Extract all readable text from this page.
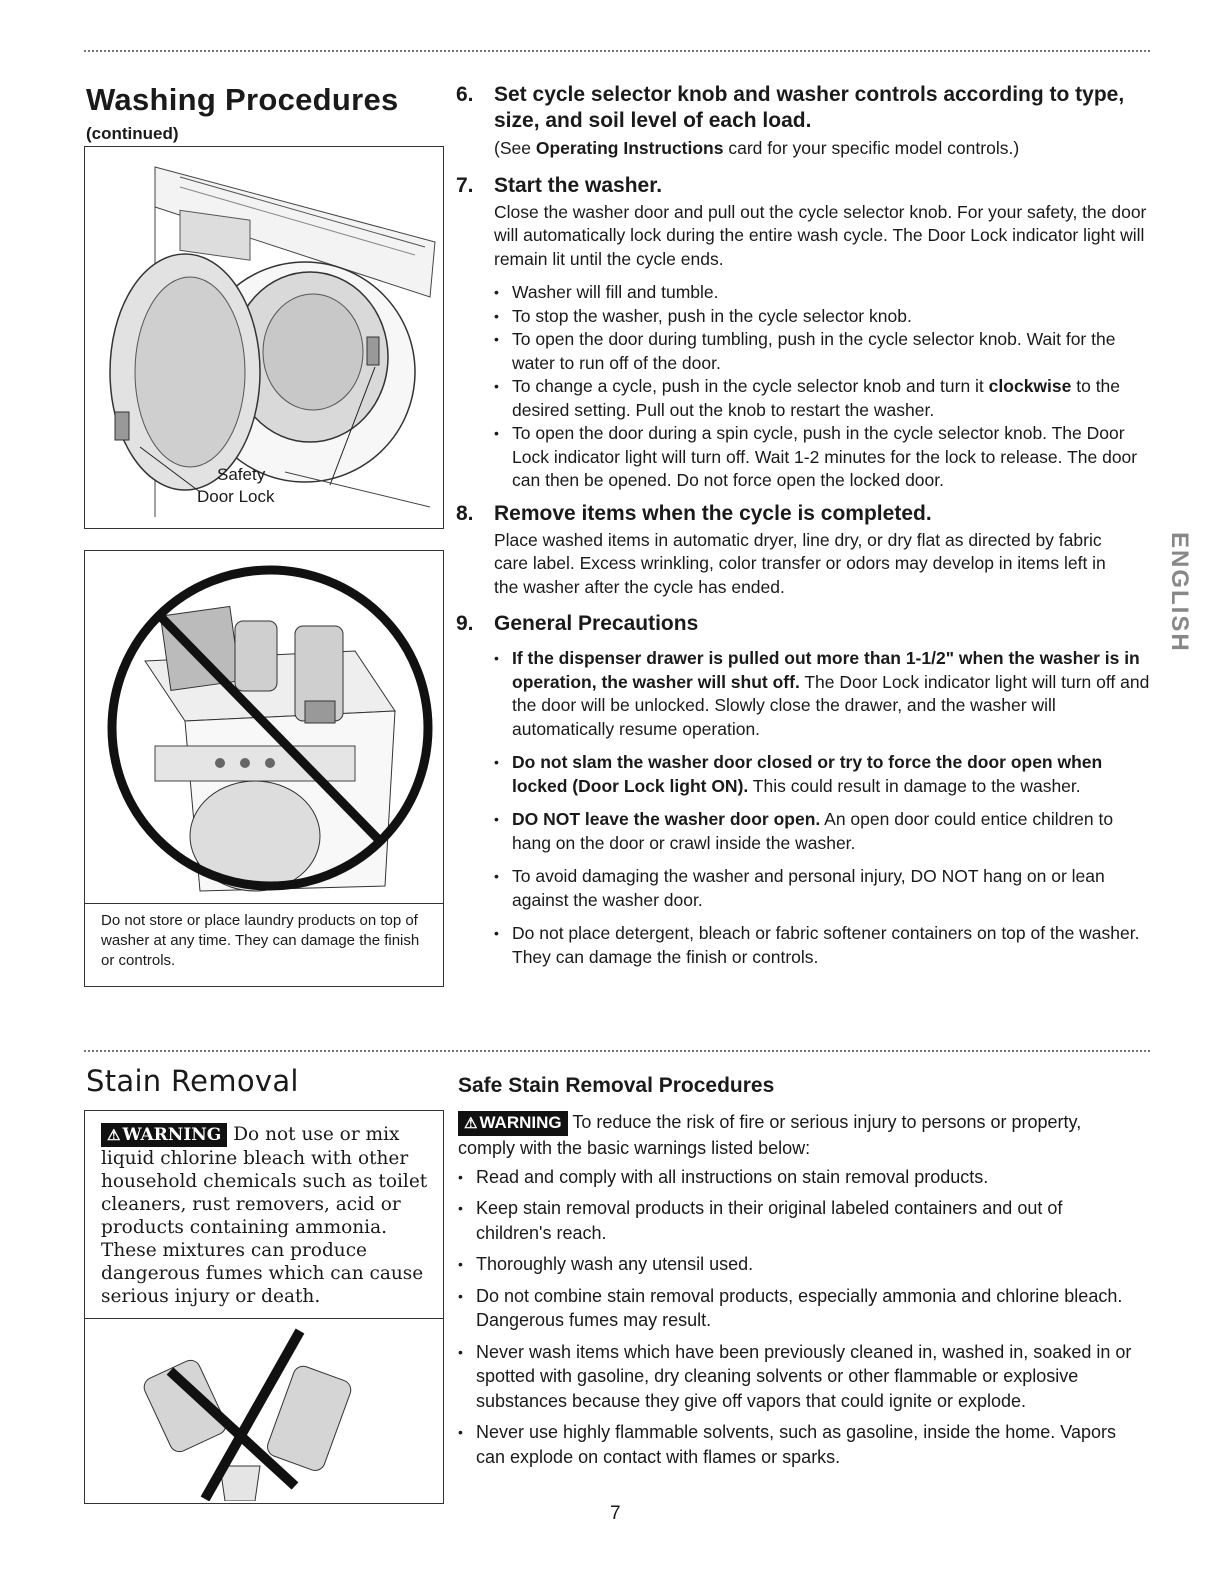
Washing Procedures
(continued)
Safety
Door Lock
Do not store or place laundry products on top of washer at any time. They can damage the finish or controls.
Stain Removal
⚠ WARNING Do not use or mix liquid chlorine bleach with other household chemicals such as toilet cleaners, rust removers, acid or products containing ammonia. These mixtures can produce dangerous fumes which can cause serious injury or death.
6. Set cycle selector knob and washer controls according to type, size, and soil level of each load.
(See Operating Instructions card for your specific model controls.)
7. Start the washer.
Close the washer door and pull out the cycle selector knob. For your safety, the door will automatically lock during the entire wash cycle. The Door Lock indicator light will remain lit until the cycle ends.
• Washer will fill and tumble.
• To stop the washer, push in the cycle selector knob.
• To open the door during tumbling, push in the cycle selector knob. Wait for the water to run off of the door.
• To change a cycle, push in the cycle selector knob and turn it clockwise to the desired setting. Pull out the knob to restart the washer.
• To open the door during a spin cycle, push in the cycle selector knob. The Door Lock indicator light will turn off. Wait 1-2 minutes for the lock to release. The door can then be opened. Do not force open the locked door.
8. Remove items when the cycle is completed.
Place washed items in automatic dryer, line dry, or dry flat as directed by fabric care label. Excess wrinkling, color transfer or odors may develop in items left in the washer after the cycle has ended.
9. General Precautions
• If the dispenser drawer is pulled out more than 1-1/2" when the washer is in operation, the washer will shut off. The Door Lock indicator light will turn off and the door will be unlocked. Slowly close the drawer, and the washer will automatically resume operation.
• Do not slam the washer door closed or try to force the door open when locked (Door Lock light ON). This could result in damage to the washer.
• DO NOT leave the washer door open. An open door could entice children to hang on the door or crawl inside the washer.
• To avoid damaging the washer and personal injury, DO NOT hang on or lean against the washer door.
• Do not place detergent, bleach or fabric softener containers on top of the washer. They can damage the finish or controls.
Safe Stain Removal Procedures
⚠ WARNING To reduce the risk of fire or serious injury to persons or property, comply with the basic warnings listed below:
• Read and comply with all instructions on stain removal products.
• Keep stain removal products in their original labeled containers and out of children's reach.
• Thoroughly wash any utensil used.
• Do not combine stain removal products, especially ammonia and chlorine bleach. Dangerous fumes may result.
• Never wash items which have been previously cleaned in, washed in, soaked in or spotted with gasoline, dry cleaning solvents or other flammable or explosive substances because they give off vapors that could ignite or explode.
• Never use highly flammable solvents, such as gasoline, inside the home. Vapors can explode on contact with flames or sparks.
ENGLISH
7
